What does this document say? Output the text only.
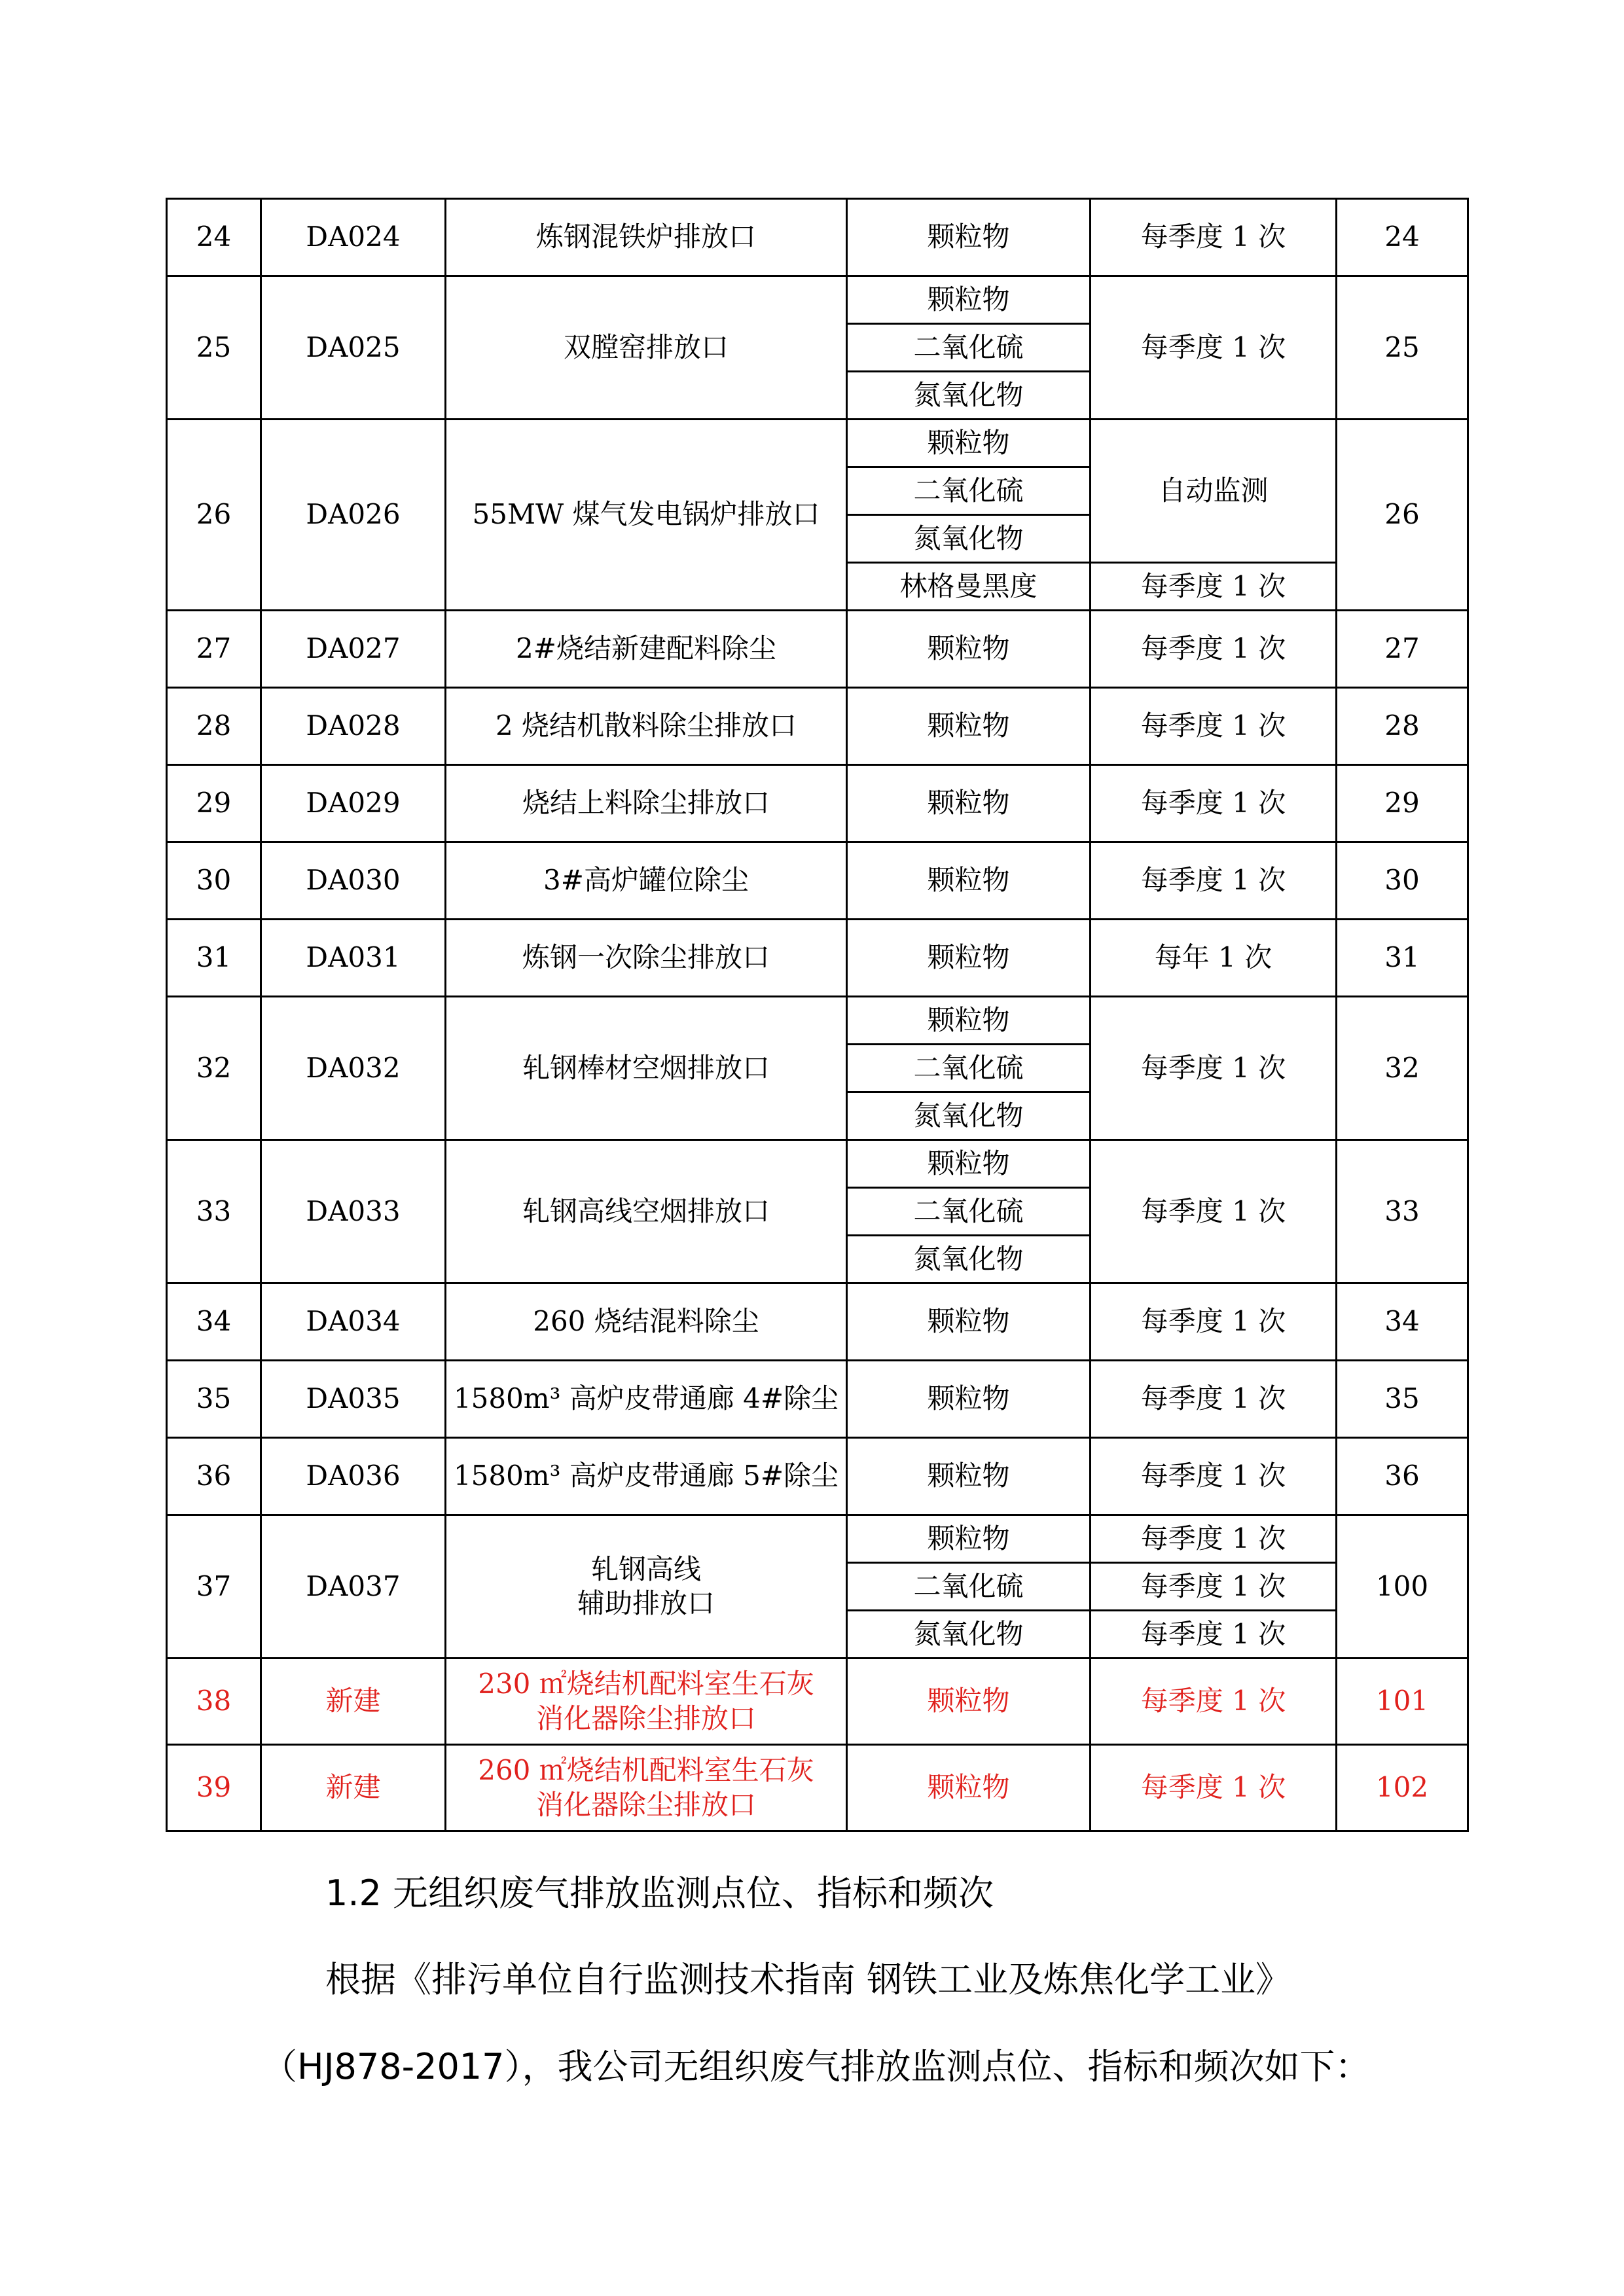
24	DA024	炼钢混铁炉排放口	颗粒物	每季度 1 次	24
25	DA025	双膛窑排放口	颗粒物	每季度 1 次	25
			二氧化硫		
			氮氧化物		
26	DA026	55MW 煤气发电锅炉排放口	颗粒物	自动监测	26
			二氧化硫		
			氮氧化物		
			林格曼黑度	每季度 1 次	
27	DA027	2#烧结新建配料除尘	颗粒物	每季度 1 次	27
28	DA028	2 烧结机散料除尘排放口	颗粒物	每季度 1 次	28
29	DA029	烧结上料除尘排放口	颗粒物	每季度 1 次	29
30	DA030	3#高炉罐位除尘	颗粒物	每季度 1 次	30
31	DA031	炼钢一次除尘排放口	颗粒物	每年 1 次	31
32	DA032	轧钢棒材空烟排放口	颗粒物	每季度 1 次	32
			二氧化硫		
			氮氧化物		
33	DA033	轧钢高线空烟排放口	颗粒物	每季度 1 次	33
			二氧化硫		
			氮氧化物		
34	DA034	260 烧结混料除尘	颗粒物	每季度 1 次	34
35	DA035	1580m³ 高炉皮带通廊 4#除尘	颗粒物	每季度 1 次	35
36	DA036	1580m³ 高炉皮带通廊 5#除尘	颗粒物	每季度 1 次	36
37	DA037	轧钢高线
辅助排放口	颗粒物	每季度 1 次	100
			二氧化硫	每季度 1 次	
			氮氧化物	每季度 1 次	
38	新建	230 ㎡烧结机配料室生石灰
消化器除尘排放口	颗粒物	每季度 1 次	101
39	新建	260 ㎡烧结机配料室生石灰
消化器除尘排放口	颗粒物	每季度 1 次	102
1.2 无组织废气排放监测点位、指标和频次
根据《排污单位自行监测技术指南 钢铁工业及炼焦化学工业》
（HJ878-2017），我公司无组织废气排放监测点位、指标和频次如下：
